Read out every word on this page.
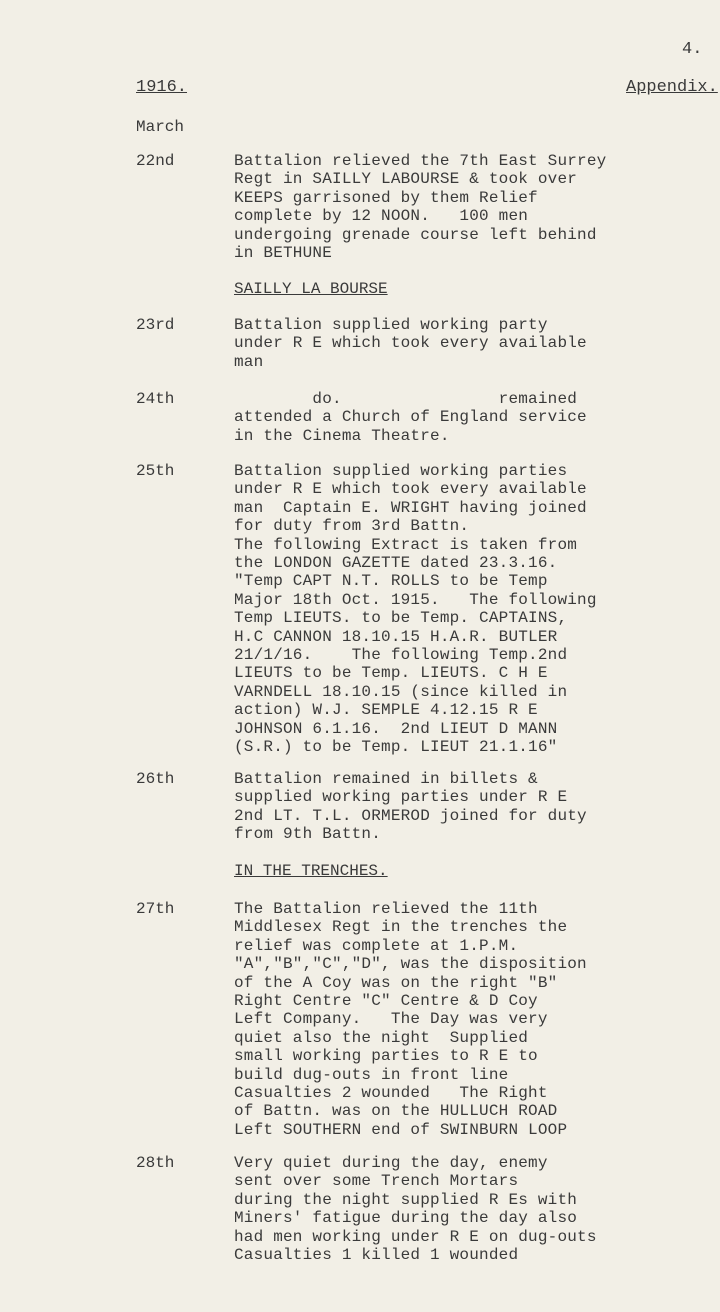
4.
1916.	Appendix.
March
22nd	Battalion relieved the 7th East Surrey
Regt in SAILLY LABOURSE & took over
KEEPS garrisoned by them Relief
complete by 12 NOON.   100 men
undergoing grenade course left behind
in BETHUNE
SAILLY LA BOURSE
23rd	Battalion supplied working party
under R E which took every available
man
24th	do.                remained
attended a Church of England service
in the Cinema Theatre.
25th	Battalion supplied working parties
under R E which took every available
man  Captain E. WRIGHT having joined
for duty from 3rd Battn.
The following Extract is taken from
the LONDON GAZETTE dated 23.3.16.
"Temp CAPT N.T. ROLLS to be Temp
Major 18th Oct. 1915.   The following
Temp LIEUTS. to be Temp. CAPTAINS,
H.C CANNON 18.10.15 H.A.R. BUTLER
21/1/16.    The following Temp.2nd
LIEUTS to be Temp. LIEUTS. C H E
VARNDELL 18.10.15 (since killed in
action) W.J. SEMPLE 4.12.15 R E
JOHNSON 6.1.16.  2nd LIEUT D MANN
(S.R.) to be Temp. LIEUT 21.1.16"
26th	Battalion remained in billets &
supplied working parties under R E
2nd LT. T.L. ORMEROD joined for duty
from 9th Battn.
IN THE TRENCHES.
27th	The Battalion relieved the 11th
Middlesex Regt in the trenches the
relief was complete at 1.P.M.
"A","B","C","D", was the disposition
of the A Coy was on the right "B"
Right Centre "C" Centre & D Coy
Left Company.   The Day was very
quiet also the night  Supplied
small working parties to R E to
build dug-outs in front line
Casualties 2 wounded   The Right
of Battn. was on the HULLUCH ROAD
Left SOUTHERN end of SWINBURN LOOP
28th	Very quiet during the day, enemy
sent over some Trench Mortars
during the night supplied R Es with
Miners' fatigue during the day also
had men working under R E on dug-outs
Casualties 1 killed 1 wounded
